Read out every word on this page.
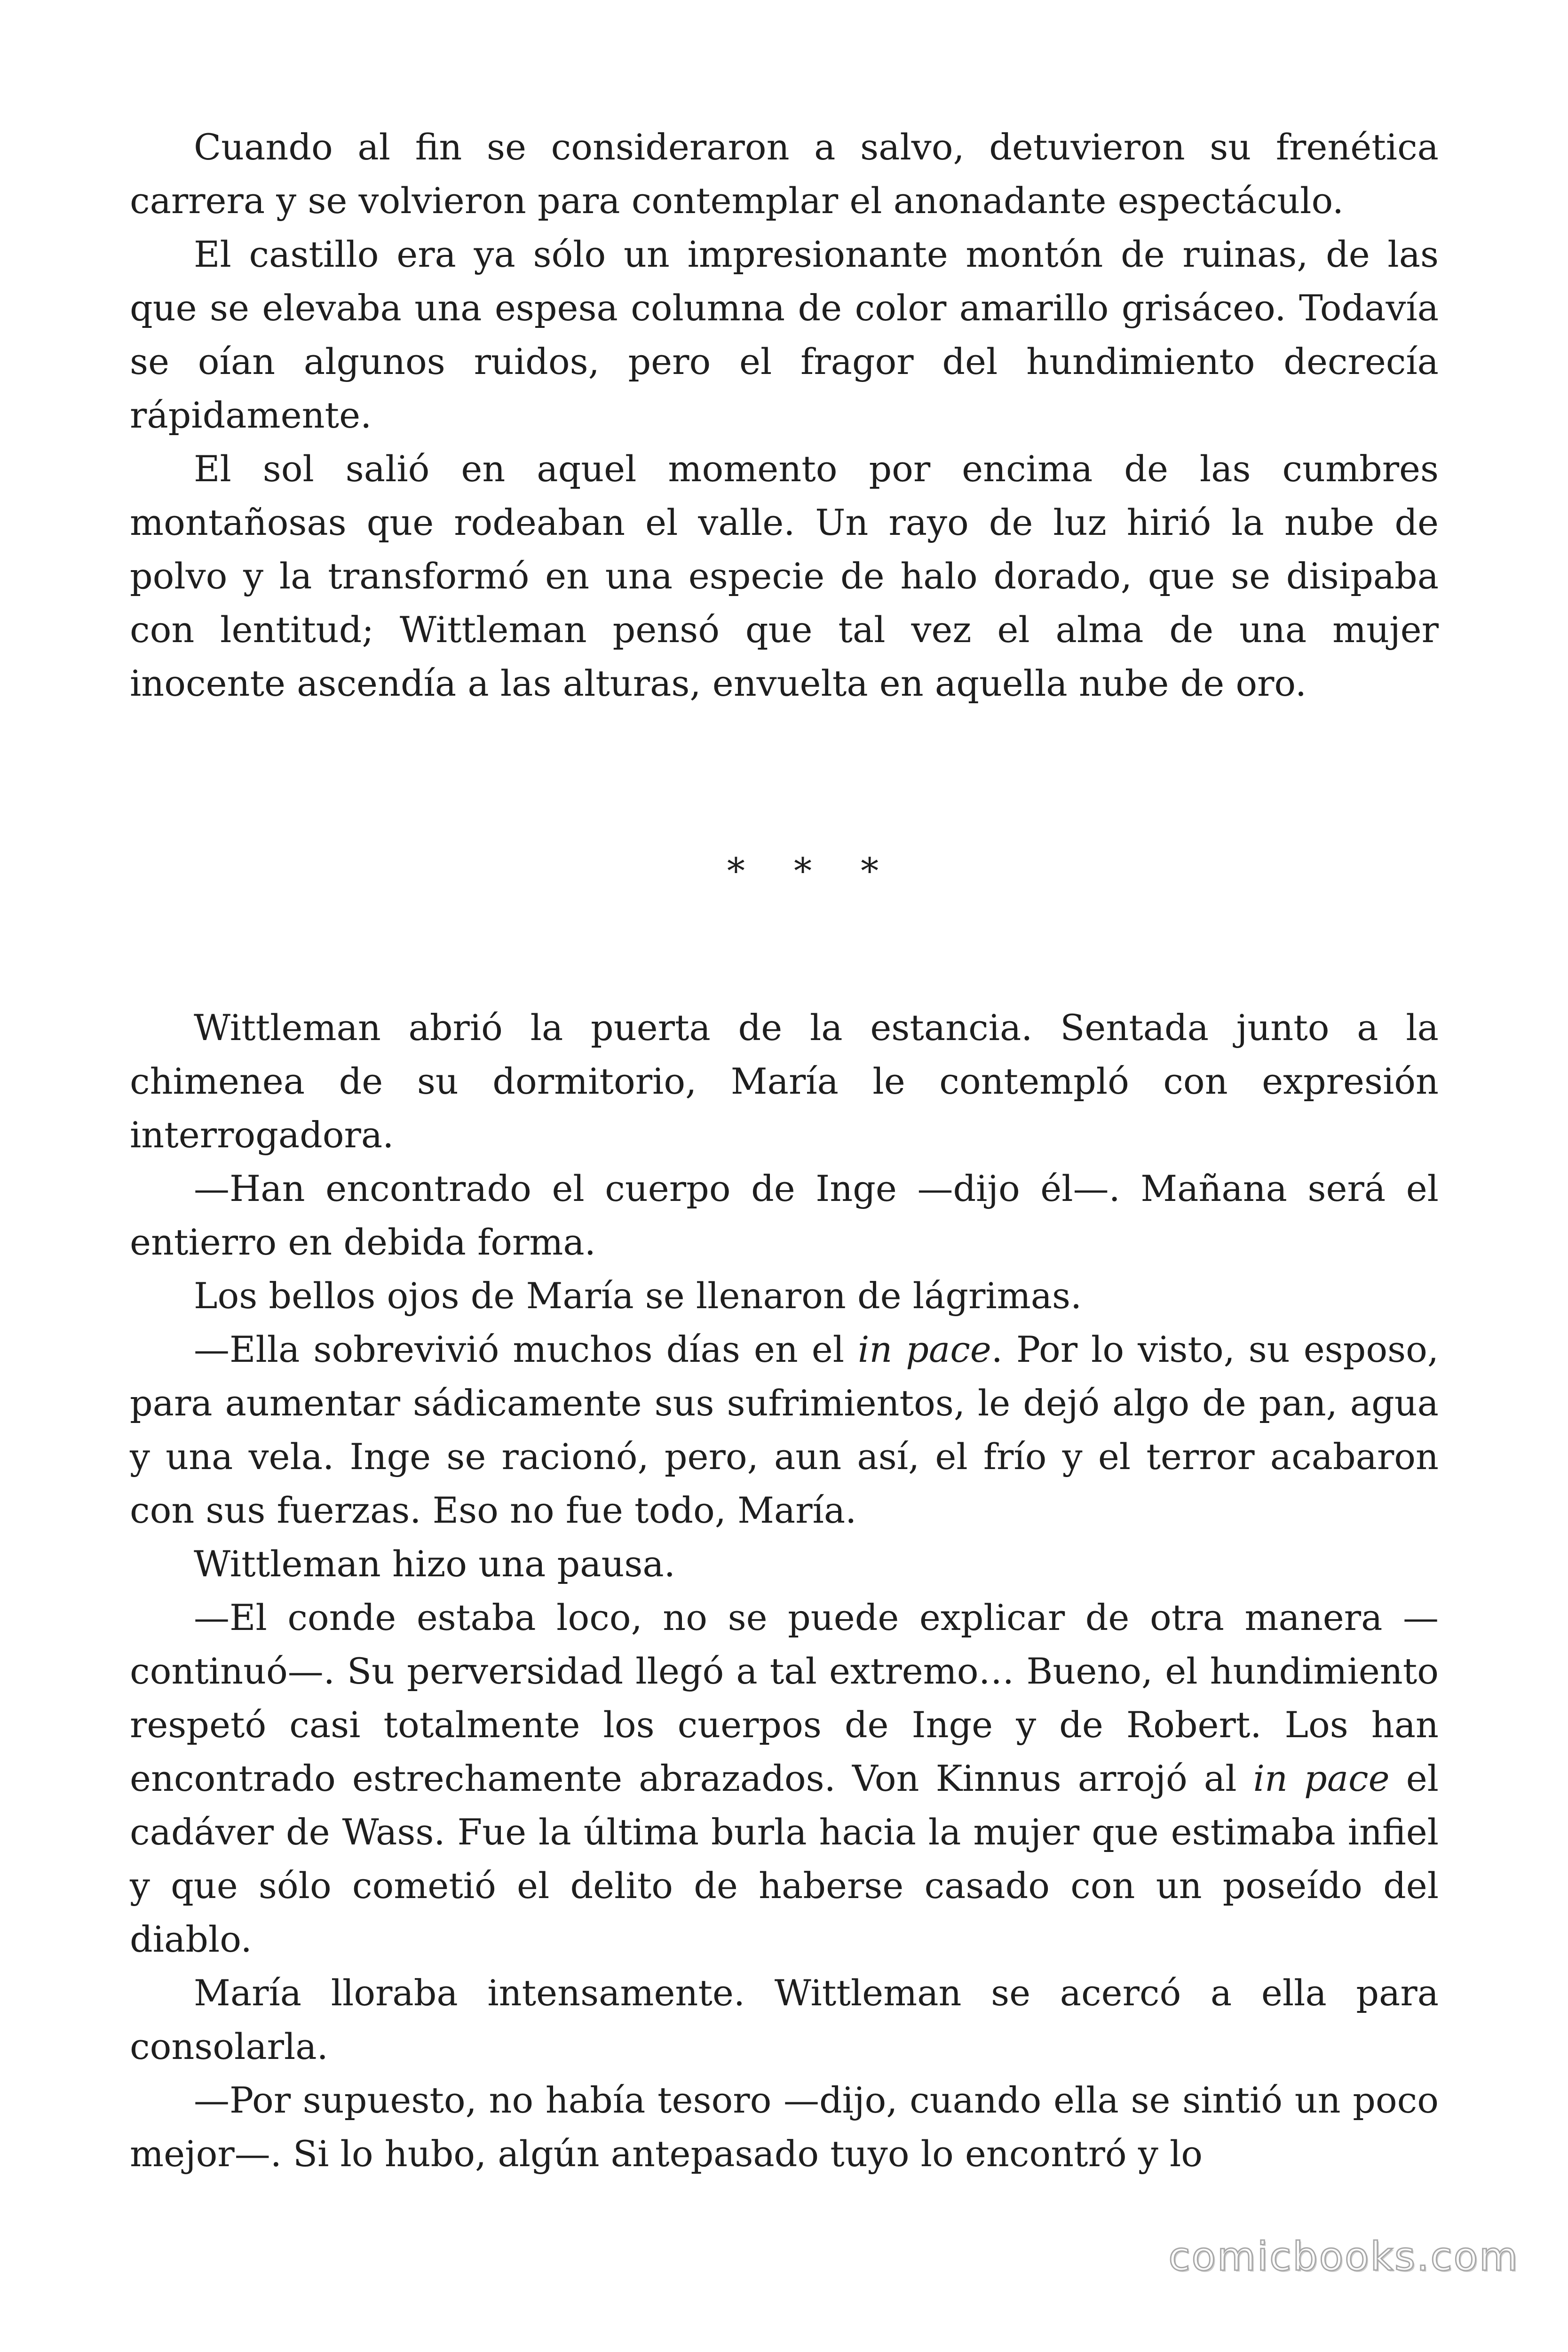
Cuando al fin se consideraron a salvo, detuvieron su frenética carrera y se volvieron para contemplar el anonadante espectáculo.

El castillo era ya sólo un impresionante montón de ruinas, de las que se elevaba una espesa columna de color amarillo grisáceo. Todavía se oían algunos ruidos, pero el fragor del hundimiento decrecía rápidamente.

El sol salió en aquel momento por encima de las cumbres montañosas que rodeaban el valle. Un rayo de luz hirió la nube de polvo y la transformó en una especie de halo dorado, que se disipaba con lentitud; Wittleman pensó que tal vez el alma de una mujer inocente ascendía a las alturas, envuelta en aquella nube de oro.

* * *

Wittleman abrió la puerta de la estancia. Sentada junto a la chimenea de su dormitorio, María le contempló con expresión interrogadora.

—Han encontrado el cuerpo de Inge —dijo él—. Mañana será el entierro en debida forma.

Los bellos ojos de María se llenaron de lágrimas.

—Ella sobrevivió muchos días en el in pace. Por lo visto, su esposo, para aumentar sádicamente sus sufrimientos, le dejó algo de pan, agua y una vela. Inge se racionó, pero, aun así, el frío y el terror acabaron con sus fuerzas. Eso no fue todo, María.

Wittleman hizo una pausa.

—El conde estaba loco, no se puede explicar de otra manera —continuó—. Su perversidad llegó a tal extremo… Bueno, el hundimiento respetó casi totalmente los cuerpos de Inge y de Robert. Los han encontrado estrechamente abrazados. Von Kinnus arrojó al in pace el cadáver de Wass. Fue la última burla hacia la mujer que estimaba infiel y que sólo cometió el delito de haberse casado con un poseído del diablo.

María lloraba intensamente. Wittleman se acercó a ella para consolarla.

—Por supuesto, no había tesoro —dijo, cuando ella se sintió un poco mejor—. Si lo hubo, algún antepasado tuyo lo encontró y lo

comicbooks.com
